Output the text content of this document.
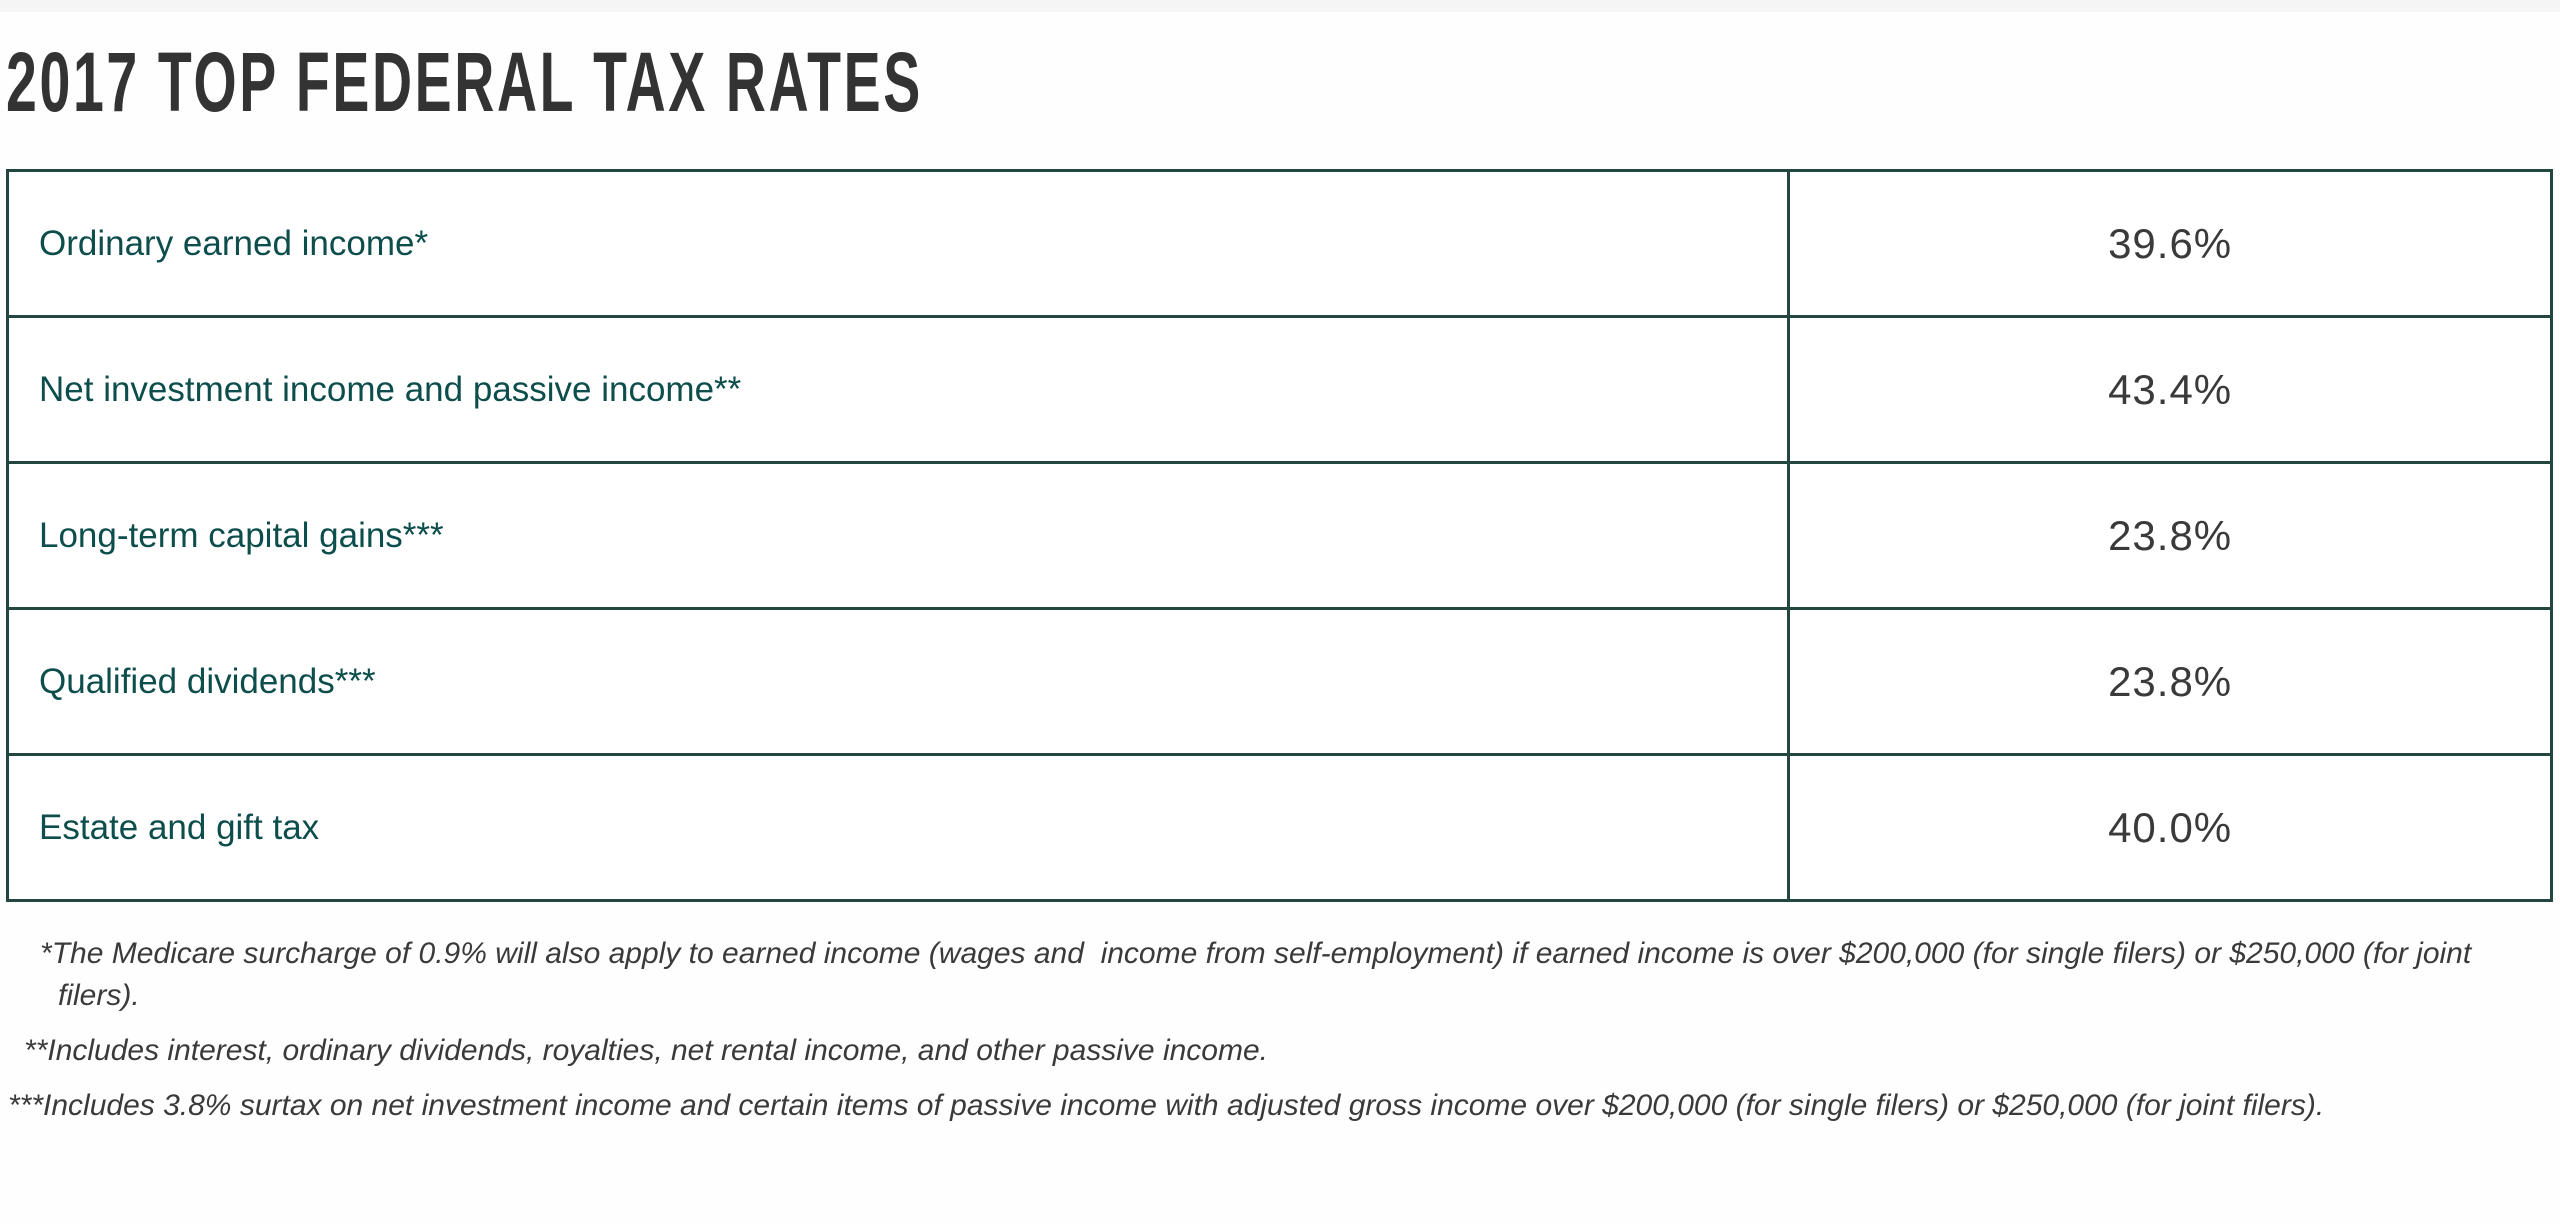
2017 TOP FEDERAL TAX RATES
Ordinary earned income*	39.6%
Net investment income and passive income**	43.4%
Long-term capital gains***	23.8%
Qualified dividends***	23.8%
Estate and gift tax	40.0%

*The Medicare surcharge of 0.9% will also apply to earned income (wages and  income from self-employment) if earned income is over $200,000 (for single filers) or $250,000 (for joint filers).

**Includes interest, ordinary dividends, royalties, net rental income, and other passive income.

***Includes 3.8% surtax on net investment income and certain items of passive income with adjusted gross income over $200,000 (for single filers) or $250,000 (for joint filers).
